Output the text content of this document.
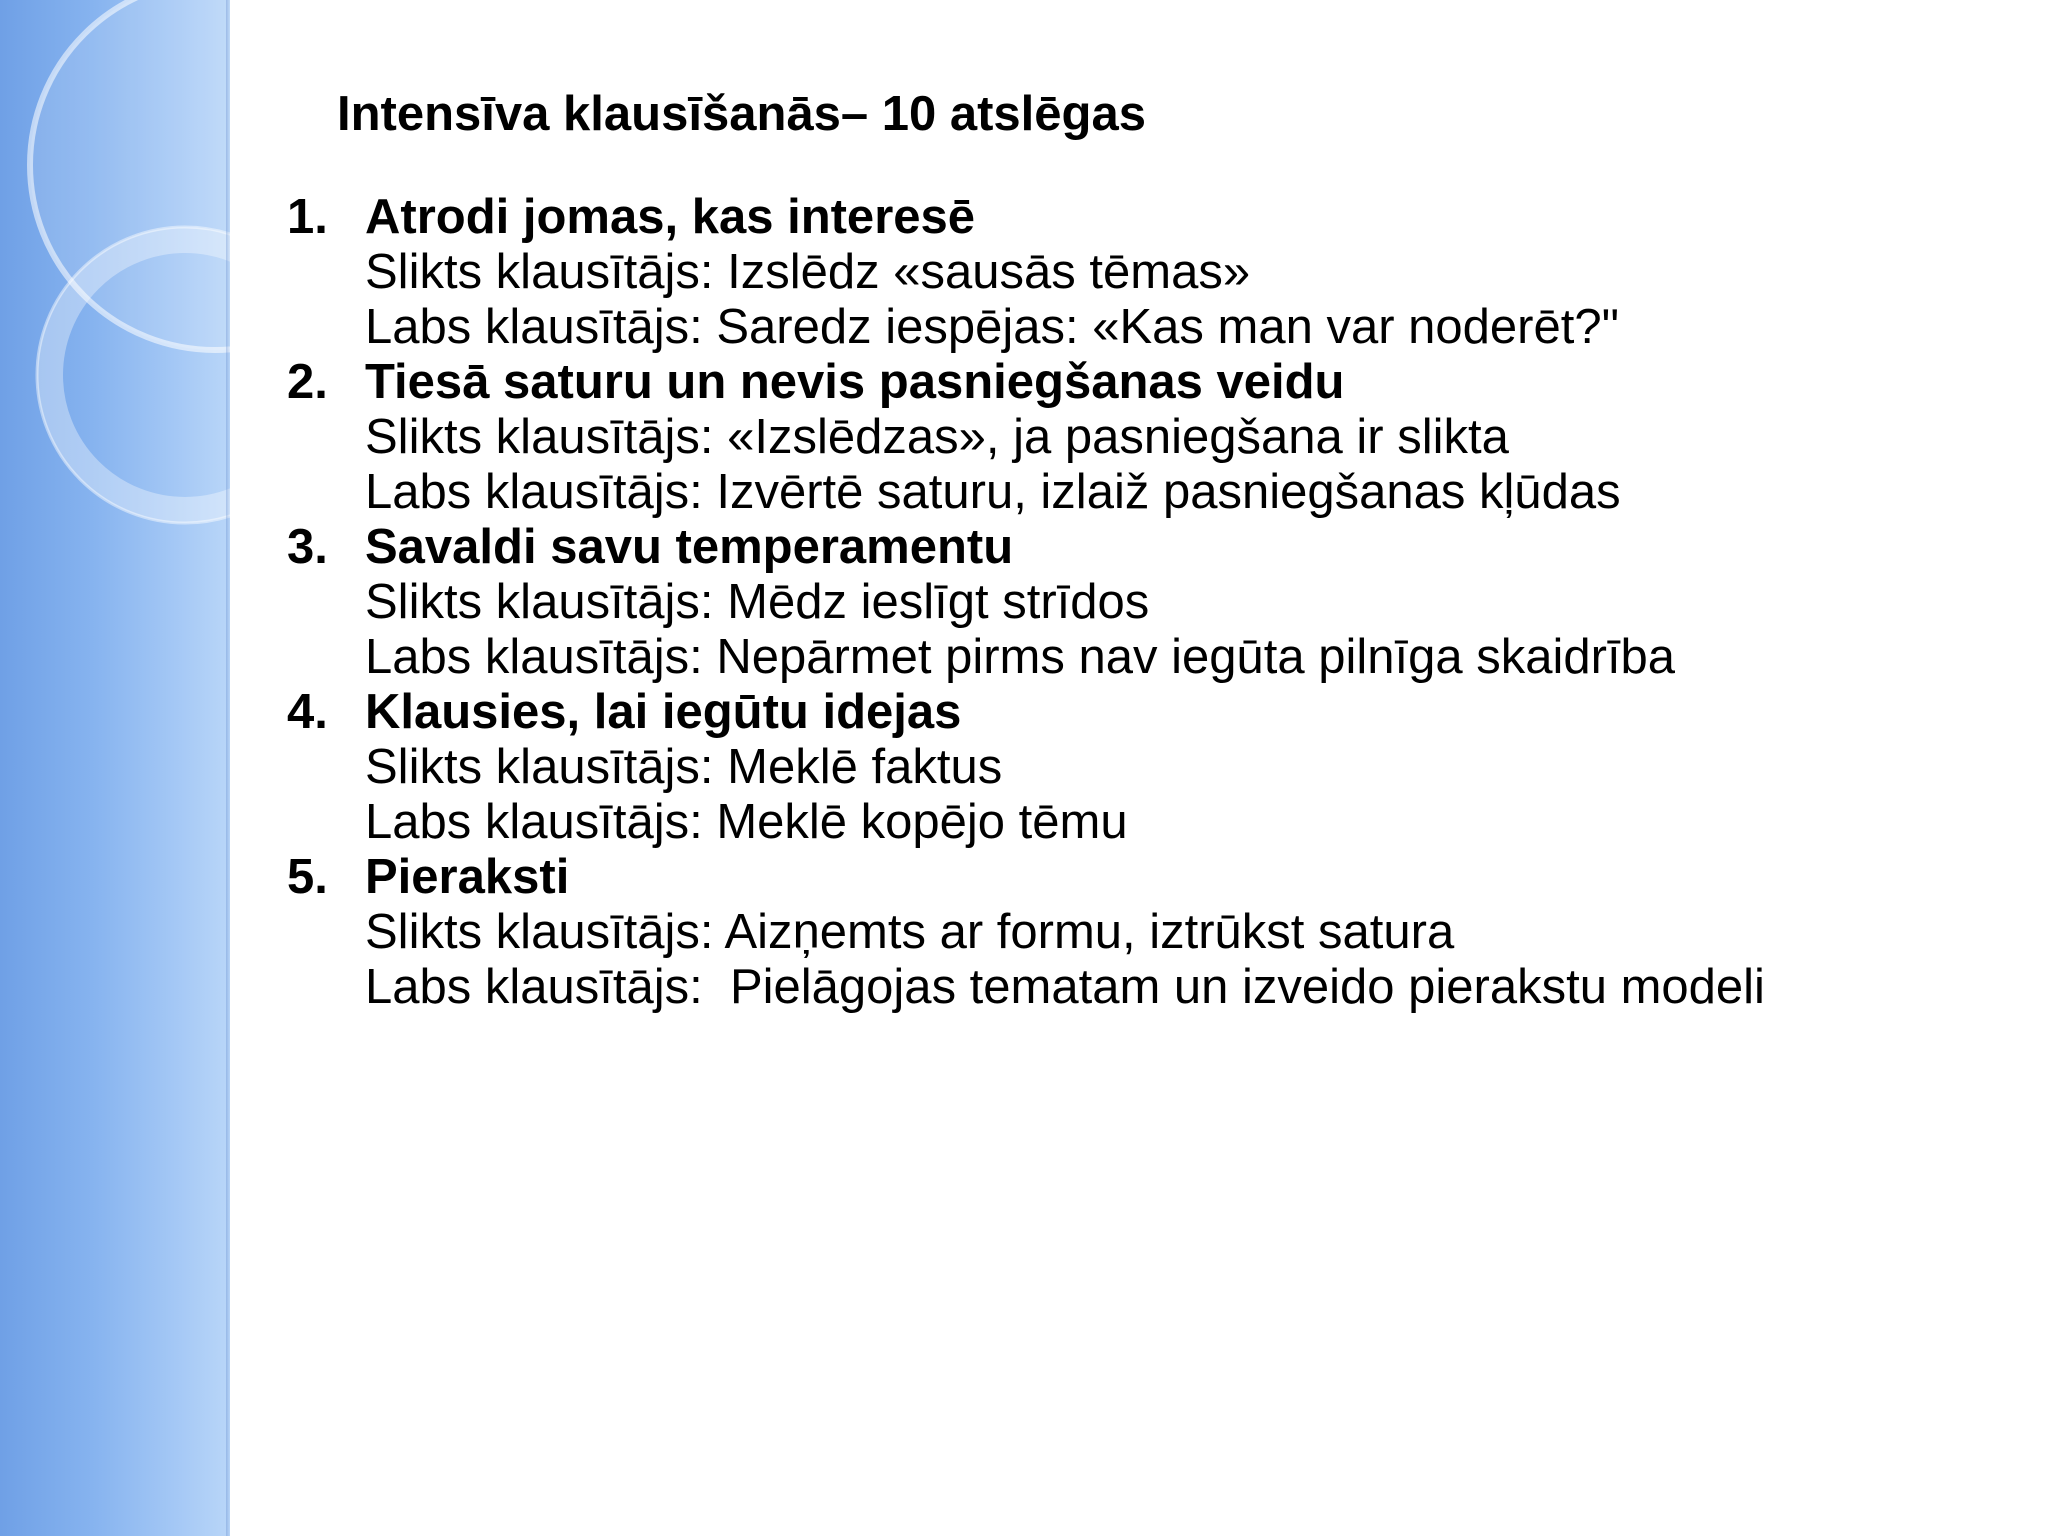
Intensīva klausīšanās– 10 atslēgas
1. Atrodi jomas, kas interesē
Slikts klausītājs: Izslēdz «sausās tēmas»
Labs klausītājs: Saredz iespējas: «Kas man var noderēt?"
2. Tiesā saturu un nevis pasniegšanas veidu
Slikts klausītājs: «Izslēdzas», ja pasniegšana ir slikta
Labs klausītājs: Izvērtē saturu, izlaiž pasniegšanas kļūdas
3. Savaldi savu temperamentu
Slikts klausītājs: Mēdz ieslīgt strīdos
Labs klausītājs: Nepārmet pirms nav iegūta pilnīga skaidrība
4. Klausies, lai iegūtu idejas
Slikts klausītājs: Meklē faktus
Labs klausītājs: Meklē kopējo tēmu
5. Pieraksti
Slikts klausītājs: Aizņemts ar formu, iztrūkst satura
Labs klausītājs:  Pielāgojas tematam un izveido pierakstu modeli
